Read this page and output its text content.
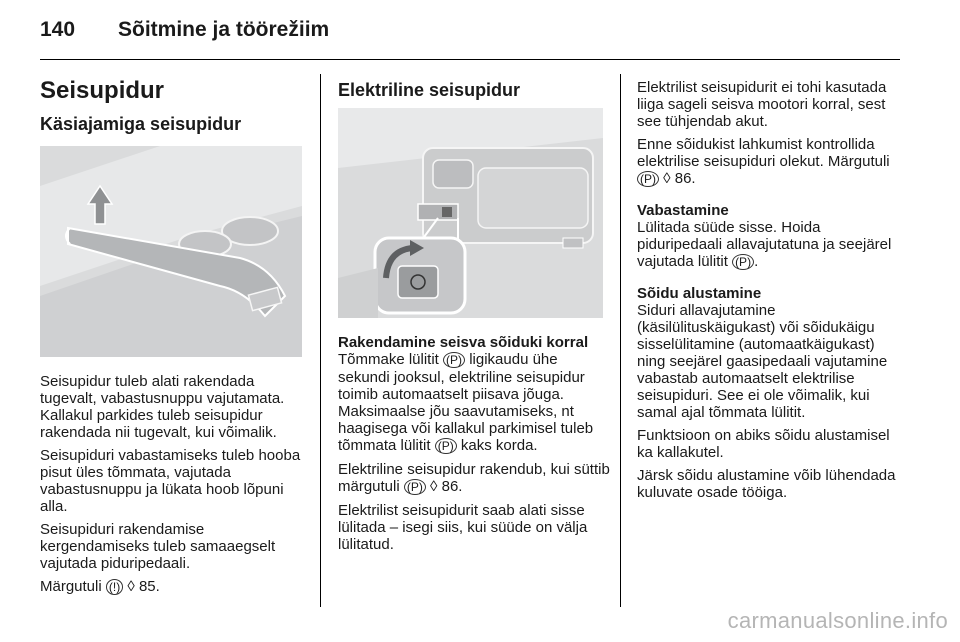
140 Sõitmine ja töörežiim
Seisupidur
Käsiajamiga seisupidur

Seisupidur tuleb alati rakendada tugevalt, vabastusnuppu vajutamata. Kallakul parkides tuleb seisupidur rakendada nii tugevalt, kui võimalik.

Seisupiduri vabastamiseks tuleb hooba pisut üles tõmmata, vajutada vabastusnuppu ja lükata hoob lõpuni alla.

Seisupiduri rakendamise kergendamiseks tuleb samaaegselt vajutada piduripedaali.

Märgutuli (!) ◊ 85.

Elektriline seisupidur
Rakendamine seisva sõiduki korral

Tõmmake lülitit (P) ligikaudu ühe sekundi jooksul, elektriline seisupidur toimib automaatselt piisava jõuga. Maksimaalse jõu saavutamiseks, nt haagisega või kallakul parkimisel tuleb tõmmata lülitit (P) kaks korda.

Elektriline seisupidur rakendub, kui süttib märgutuli (P) ◊ 86.

Elektrilist seisupidurit saab alati sisse lülitada – isegi siis, kui süüde on välja lülitatud.

Elektrilist seisupidurit ei tohi kasutada liiga sageli seisva mootori korral, sest see tühjendab akut.

Enne sõidukist lahkumist kontrollida elektrilise seisupiduri olekut. Märgutuli (P) ◊ 86.

Vabastamine

Lülitada süüde sisse. Hoida piduripedaali allavajutatuna ja seejärel vajutada lülitit (P) .

Sõidu alustamine

Siduri allavajutamine (käsilülituskäigukast) või sõidukäigu sisselülitamine (automaatkäigukast) ning seejärel gaasipedaali vajutamine vabastab automaatselt elektrilise seisupiduri. See ei ole võimalik, kui samal ajal tõmmata lülitit.

Funktsioon on abiks sõidu alustamisel ka kallakutel.

Järsk sõidu alustamine võib lühendada kuluvate osade tööiga.

carmanualsonline.info
